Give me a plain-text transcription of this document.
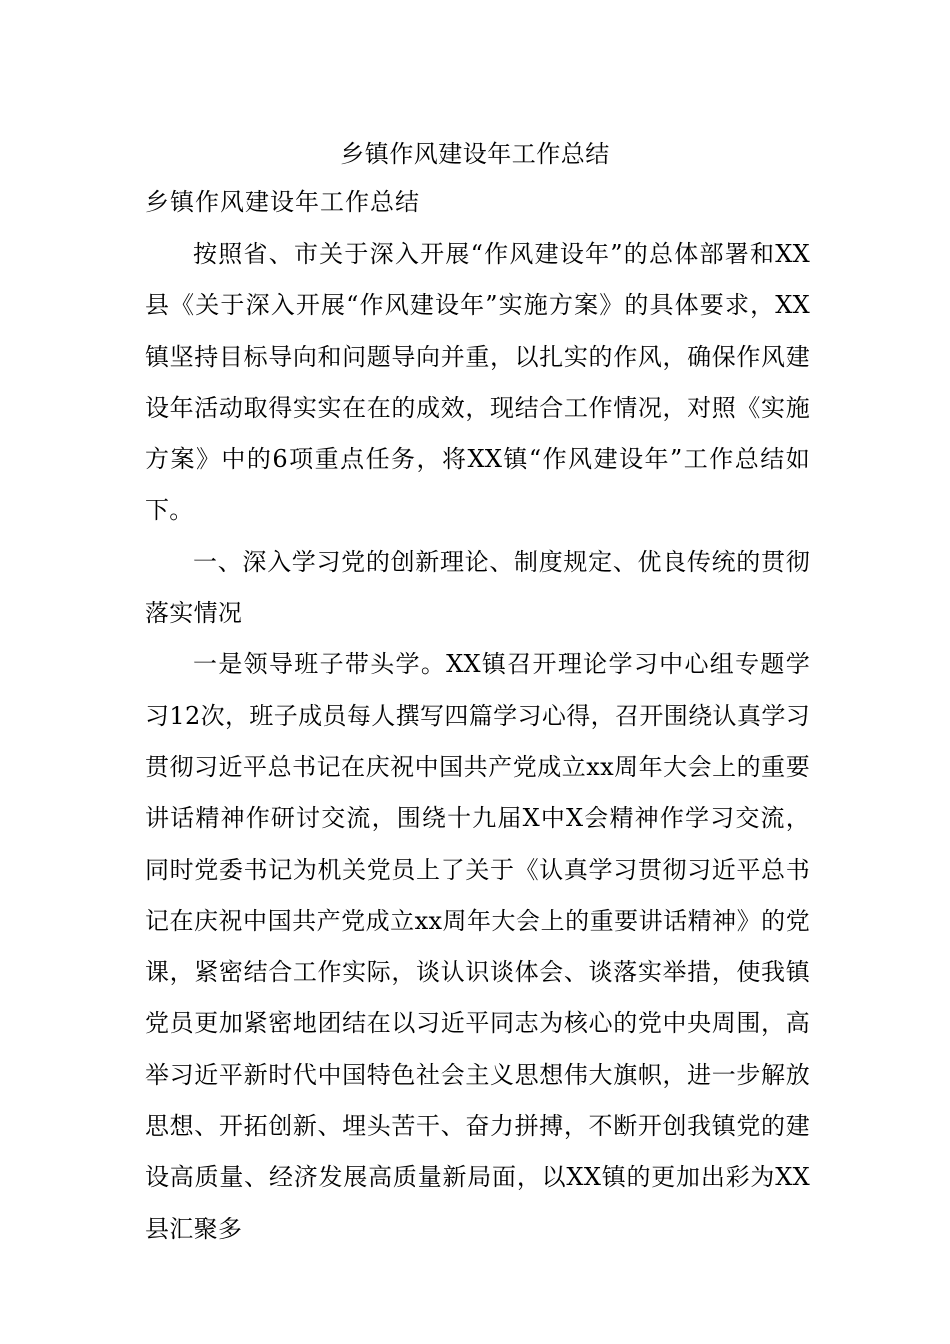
乡镇作风建设年工作总结
乡镇作风建设年工作总结

按照省、市关于深入开展“作风建设年”的总体部署和XX县《关于深入开展“作风建设年”实施方案》的具体要求，XX镇坚持目标导向和问题导向并重，以扎实的作风，确保作风建设年活动取得实实在在的成效，现结合工作情况，对照《实施方案》中的6项重点任务，将XX镇“作风建设年”工作总结如下。

一、深入学习党的创新理论、制度规定、优良传统的贯彻落实情况

一是领导班子带头学。XX镇召开理论学习中心组专题学习12次，班子成员每人撰写四篇学习心得，召开围绕认真学习贯彻习近平总书记在庆祝中国共产党成立xx周年大会上的重要讲话精神作研讨交流，围绕十九届X中X会精神作学习交流，同时党委书记为机关党员上了关于《认真学习贯彻习近平总书记在庆祝中国共产党成立xx周年大会上的重要讲话精神》的党课，紧密结合工作实际，谈认识谈体会、谈落实举措，使我镇党员更加紧密地团结在以习近平同志为核心的党中央周围，高举习近平新时代中国特色社会主义思想伟大旗帜，进一步解放思想、开拓创新、埋头苦干、奋力拼搏，不断开创我镇党的建设高质量、经济发展高质量新局面，以XX镇的更加出彩为XX县汇聚多
